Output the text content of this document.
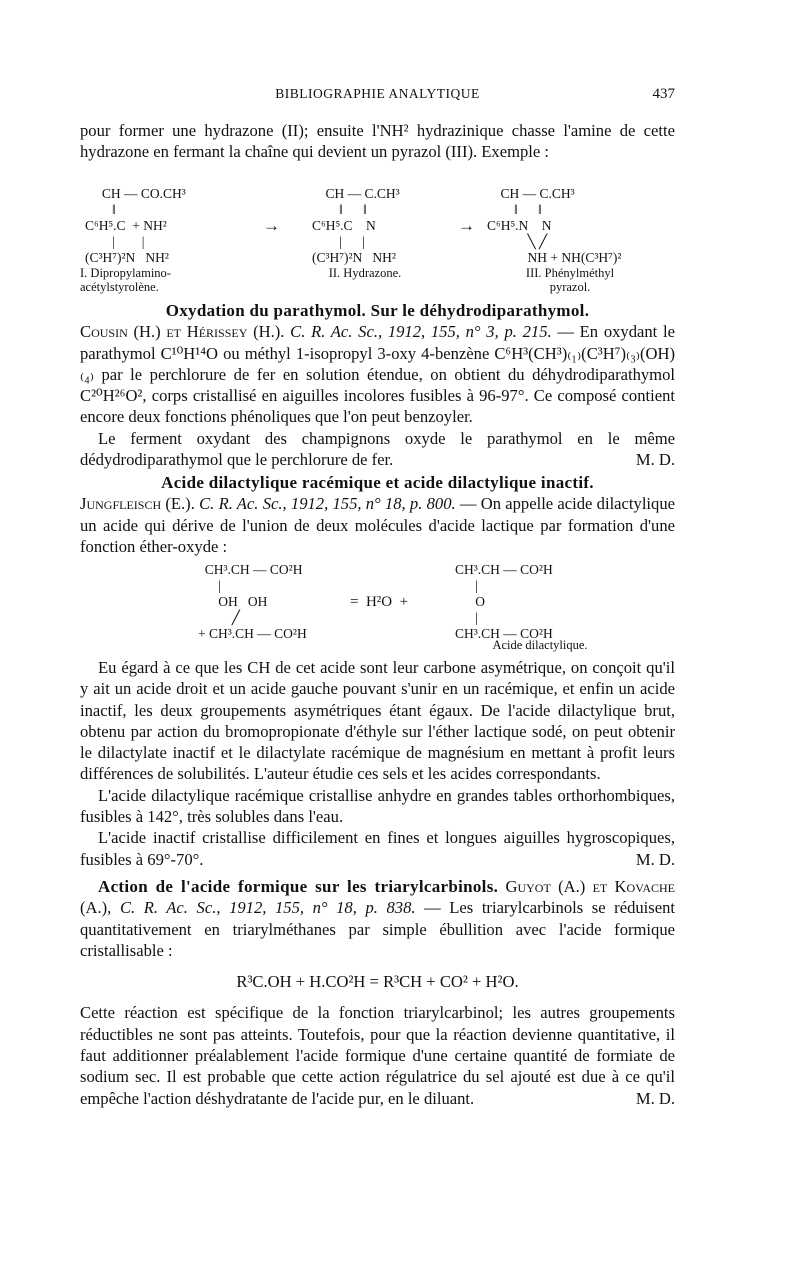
BIBLIOGRAPHIE ANALYTIQUE	437

pour former une hydrazone (II); ensuite l'NH² hydrazinique chasse l'amine de cette hydrazone en fermant la chaîne qui devient un pyrazol (III). Exemple :

CH — CO.CH³
‖
C⁶H⁵.C  + NH²
|        |
(C³H⁷)²N   NH²
→
CH — C.CH³
‖      ‖
C⁶H⁵.C    N
|      |
(C³H⁷)²N   NH²
→
CH — C.CH³
‖      ‖
C⁶H⁵.N    N
╲ ╱
NH + NH(C³H⁷)²
I. Dipropylamino-
acétylstyrolène.
II. Hydrazone.	III. Phénylméthyl
pyrazol.

Oxydation du parathymol. Sur le déhydrodiparathymol.

Cousin (H.) et Hérissey (H.). C. R. Ac. Sc., 1912, 155, n° 3, p. 215. — En oxydant le parathymol C¹⁰H¹⁴O ou méthyl 1-isopropyl 3-oxy 4-benzène C⁶H³(CH³)₍₁₎(C³H⁷)₍₃₎(OH)₍₄₎ par le perchlorure de fer en solution étendue, on obtient du déhydrodiparathymol C²⁰H²⁶O², corps cristallisé en aiguilles incolores fusibles à 96-97°. Ce composé contient encore deux fonctions phénoliques que l'on peut benzoyler.

Le ferment oxydant des champignons oxyde le parathymol en le même dédydrodiparathymol que le perchlorure de fer.	M. D.

Acide dilactylique racémique et acide dilactylique inactif.

Jungfleisch (E.). C. R. Ac. Sc., 1912, 155, n° 18, p. 800. — On appelle acide dilactylique un acide qui dérive de l'union de deux molécules d'acide lactique par formation d'une fonction éther-oxyde :

CH³.CH — CO²H
|
OH   OH
╱
+ CH³.CH — CO²H
=  H²O  +
CH³.CH — CO²H
|
O
|
CH³.CH — CO²H
Acide dilactylique.

Eu égard à ce que les CH de cet acide sont leur carbone asymétrique, on conçoit qu'il y ait un acide droit et un acide gauche pouvant s'unir en un racémique, et enfin un acide inactif, les deux groupements asymétriques étant égaux. De l'acide dilactylique brut, obtenu par action du bromopropionate d'éthyle sur l'éther lactique sodé, on peut obtenir le dilactylate inactif et le dilactylate racémique de magnésium en mettant à profit leurs différences de solubilités. L'auteur étudie ces sels et les acides correspondants.

L'acide dilactylique racémique cristallise anhydre en grandes tables orthorhombiques, fusibles à 142°, très solubles dans l'eau.

L'acide inactif cristallise difficilement en fines et longues aiguilles hygroscopiques, fusibles à 69°-70°.	M. D.

Action de l'acide formique sur les triarylcarbinols. Guyot (A.) et Kovache (A.), C. R. Ac. Sc., 1912, 155, n° 18, p. 838. — Les triarylcarbinols se réduisent quantitativement en triarylméthanes par simple ébullition avec l'acide formique cristallisable :

R³C.OH + H.CO²H = R³CH + CO² + H²O.

Cette réaction est spécifique de la fonction triarylcarbinol; les autres groupements réductibles ne sont pas atteints. Toutefois, pour que la réaction devienne quantitative, il faut additionner préalablement l'acide formique d'une certaine quantité de formiate de sodium sec. Il est probable que cette action régulatrice du sel ajouté est due à ce qu'il empêche l'action déshydratante de l'acide pur, en le diluant.	M. D.
